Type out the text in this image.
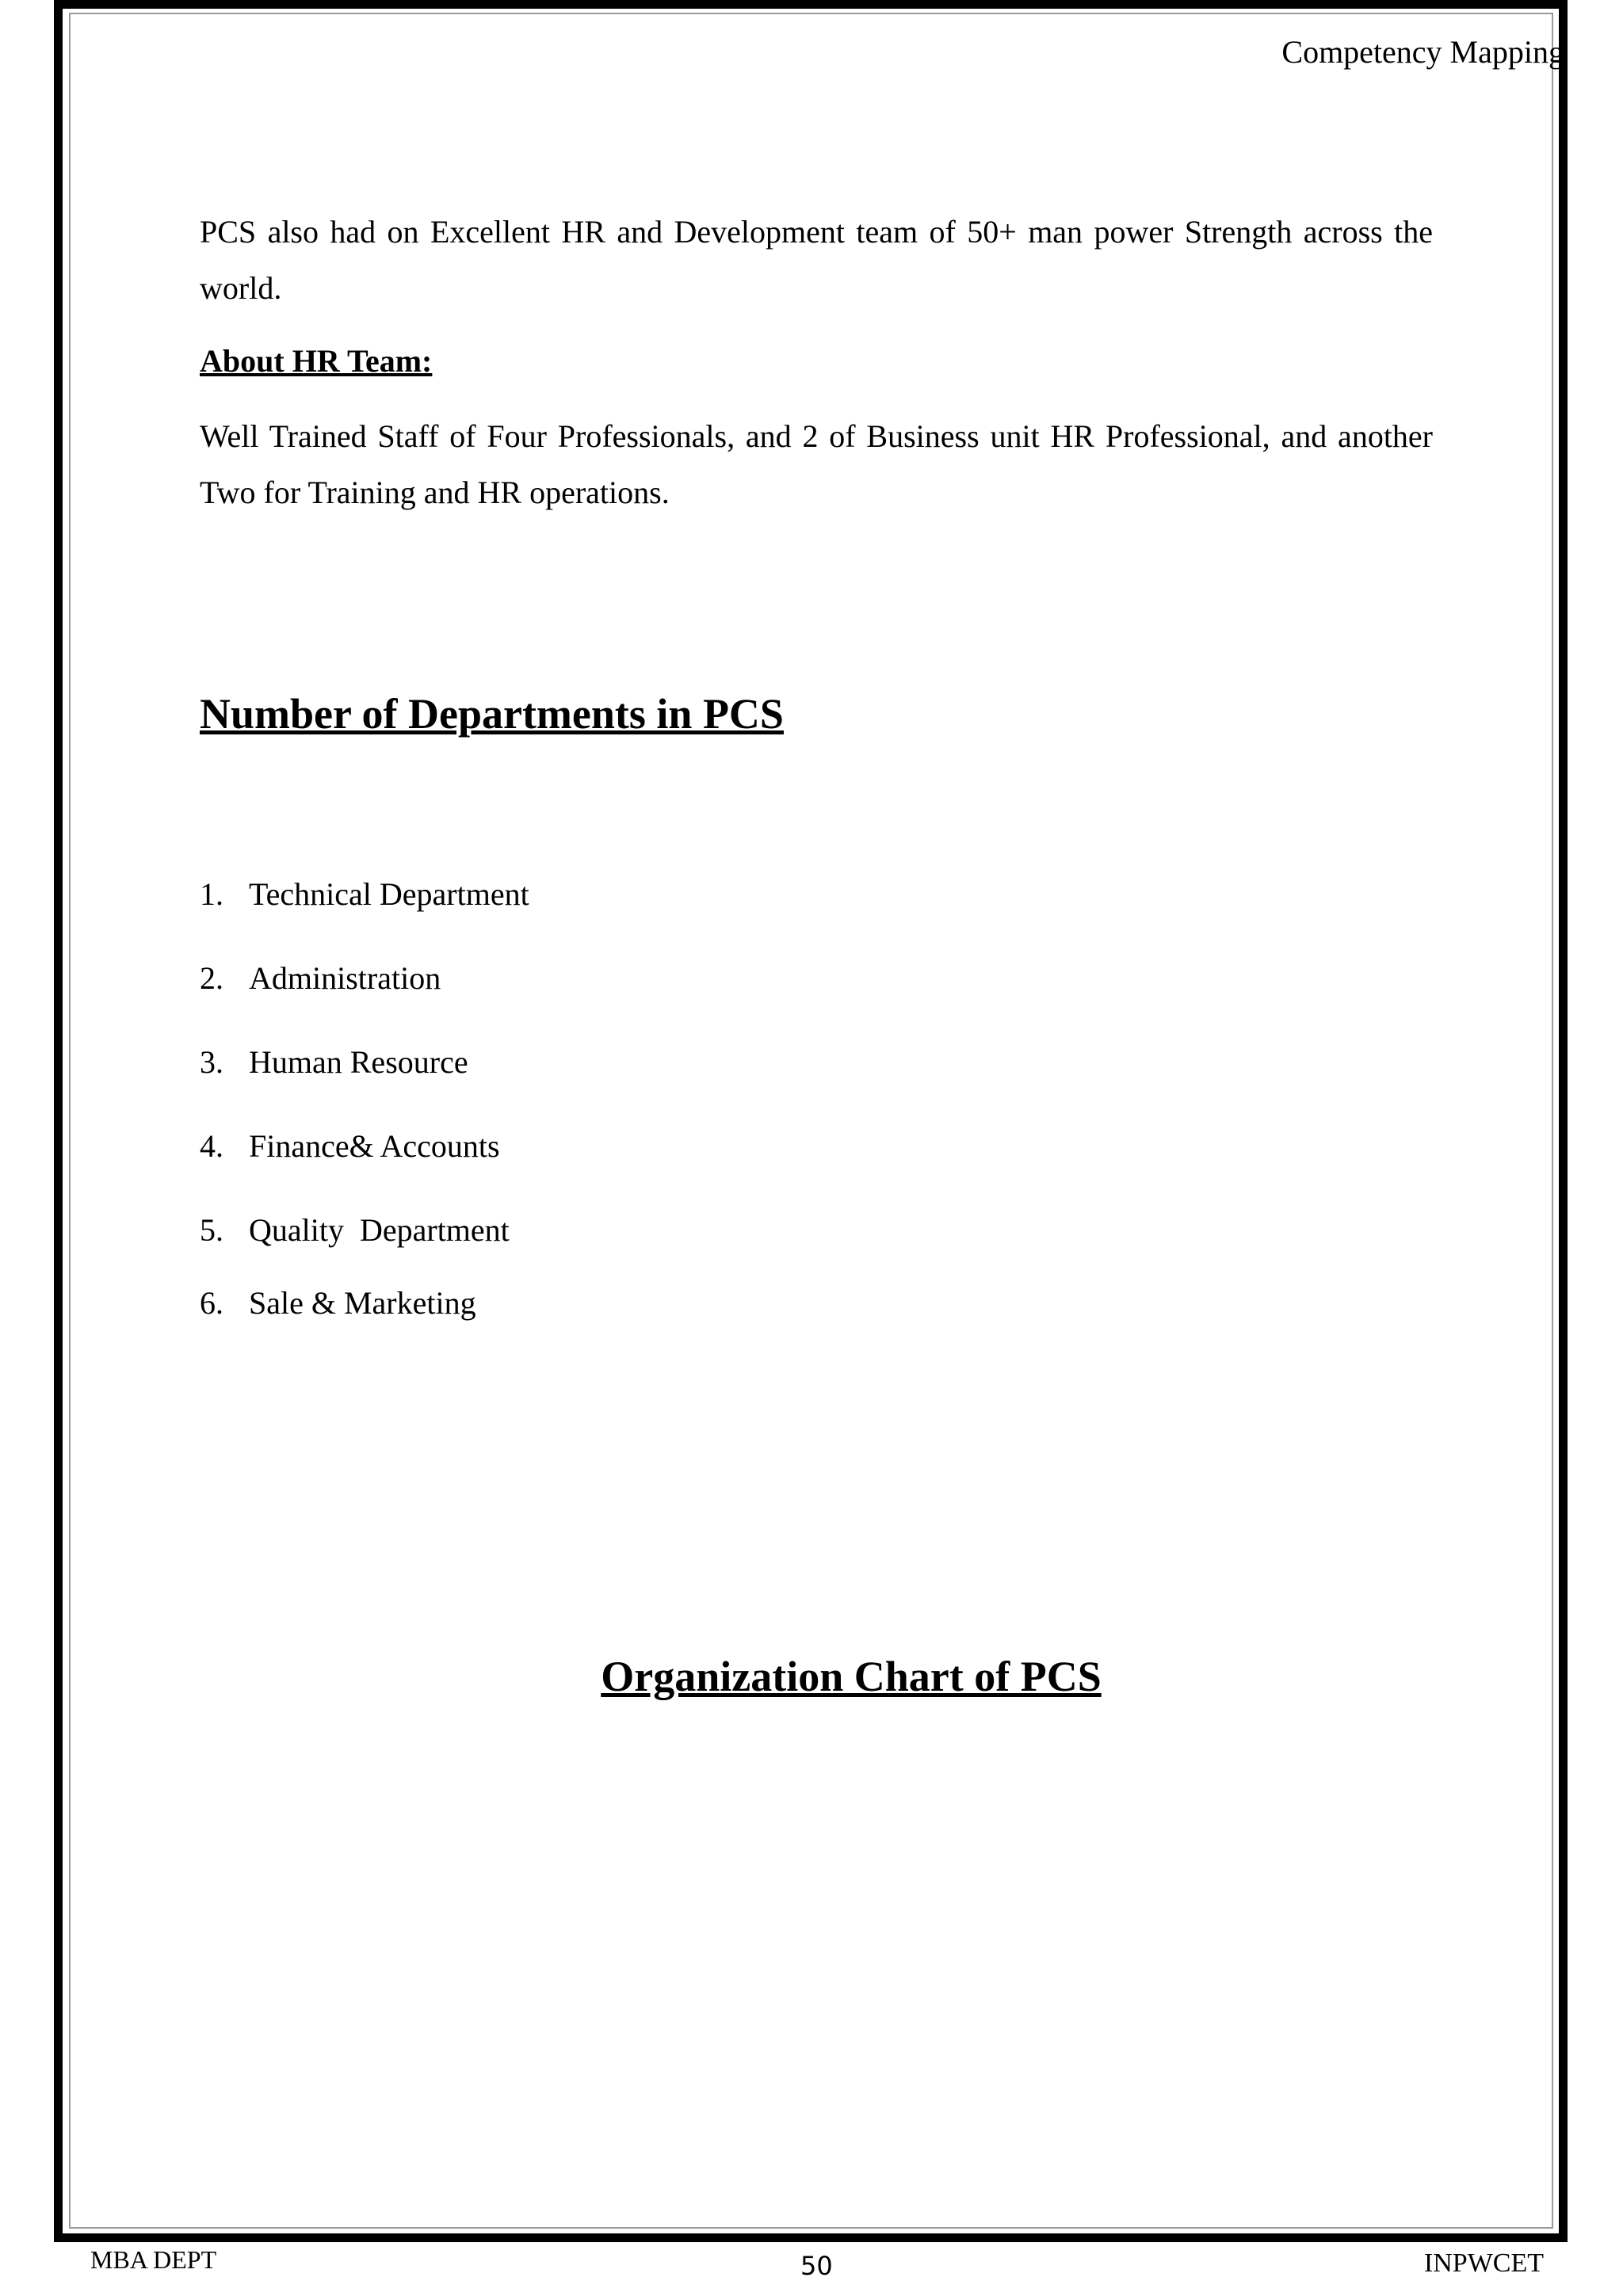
Competency Mapping
PCS also had on Excellent HR and Development team of 50+ man power Strength across the world.
About HR Team:
Well Trained Staff of Four Professionals, and 2 of Business unit HR Professional, and another Two for Training and HR operations.
Number of Departments in PCS
1. Technical Department
2. Administration
3. Human Resource
4. Finance& Accounts
5. Quality  Department
6. Sale & Marketing
Organization Chart of PCS
MBA DEPT	50	INPWCET
